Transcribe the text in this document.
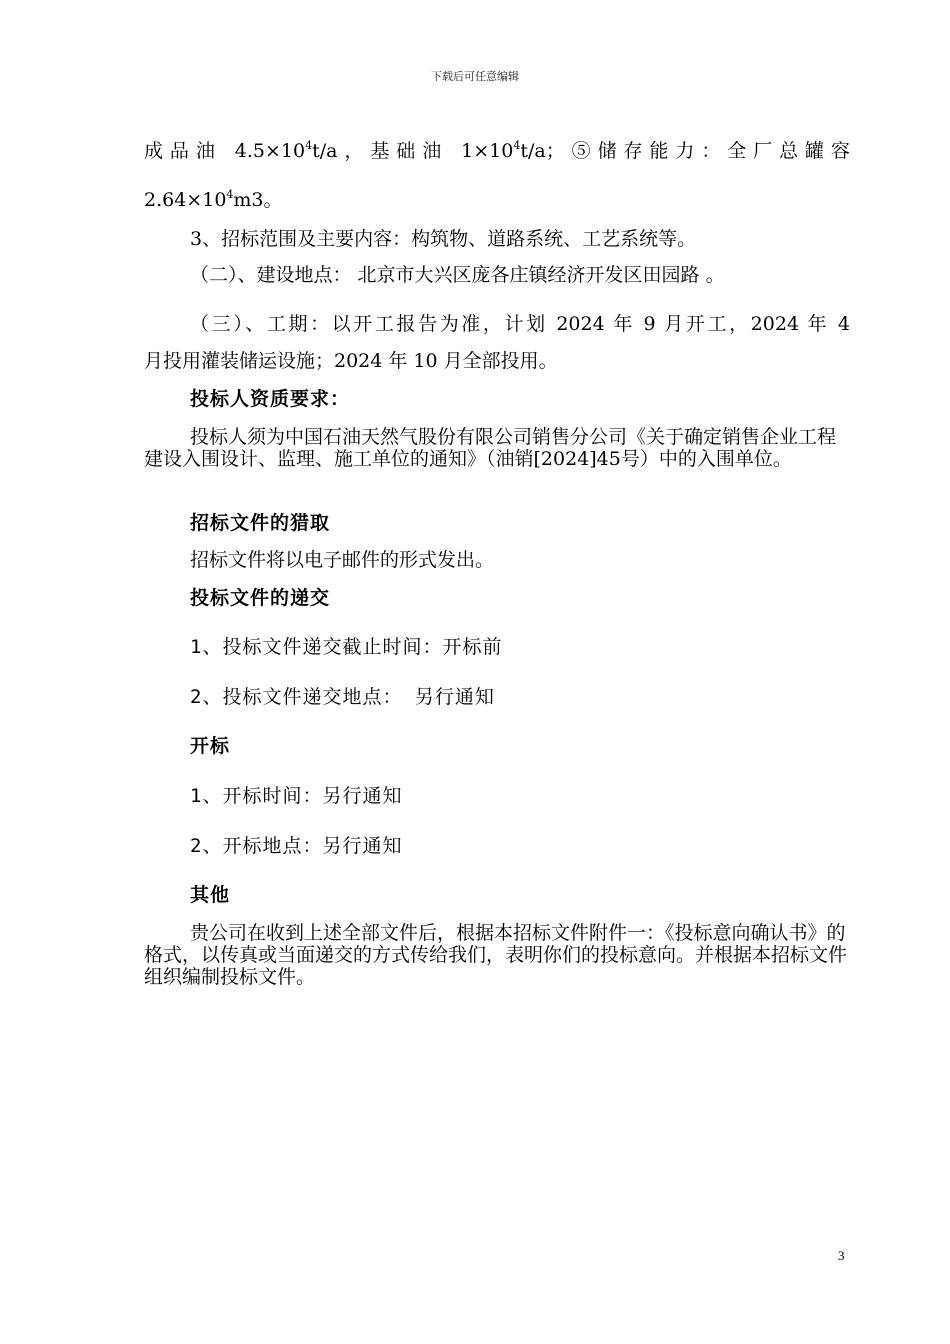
下载后可任意编辑
成品油 $4.5\times 10^4t/a$，基础油 $1\times 10^4t/a$；⑤储存能力：全厂总罐容
$2.64\times 10^4m3$。
3、招标范围及主要内容：构筑物、道路系统、工艺系统等。
（二）、建设地点： 北京市大兴区庞各庄镇经济开发区田园路 。
（三）、工期：以开工报告为准，计划 2024 年 9 月开工，2024 年 4
月投用灌装储运设施；2024 年 10 月全部投用。
投标人资质要求：
投标人须为中国石油天然气股份有限公司销售分公司《关于确定销售企业工程建设入围设计、监理、施工单位的通知》（油销[2024]45号）中的入围单位。
招标文件的猎取
招标文件将以电子邮件的形式发出。
投标文件的递交
1、投标文件递交截止时间：开标前
2、投标文件递交地点： 另行通知
开标
1、开标时间：另行通知
2、开标地点：另行通知
其他
贵公司在收到上述全部文件后，根据本招标文件附件一：《投标意向确认书》的格式，以传真或当面递交的方式传给我们，表明你们的投标意向。并根据本招标文件组织编制投标文件。
3
